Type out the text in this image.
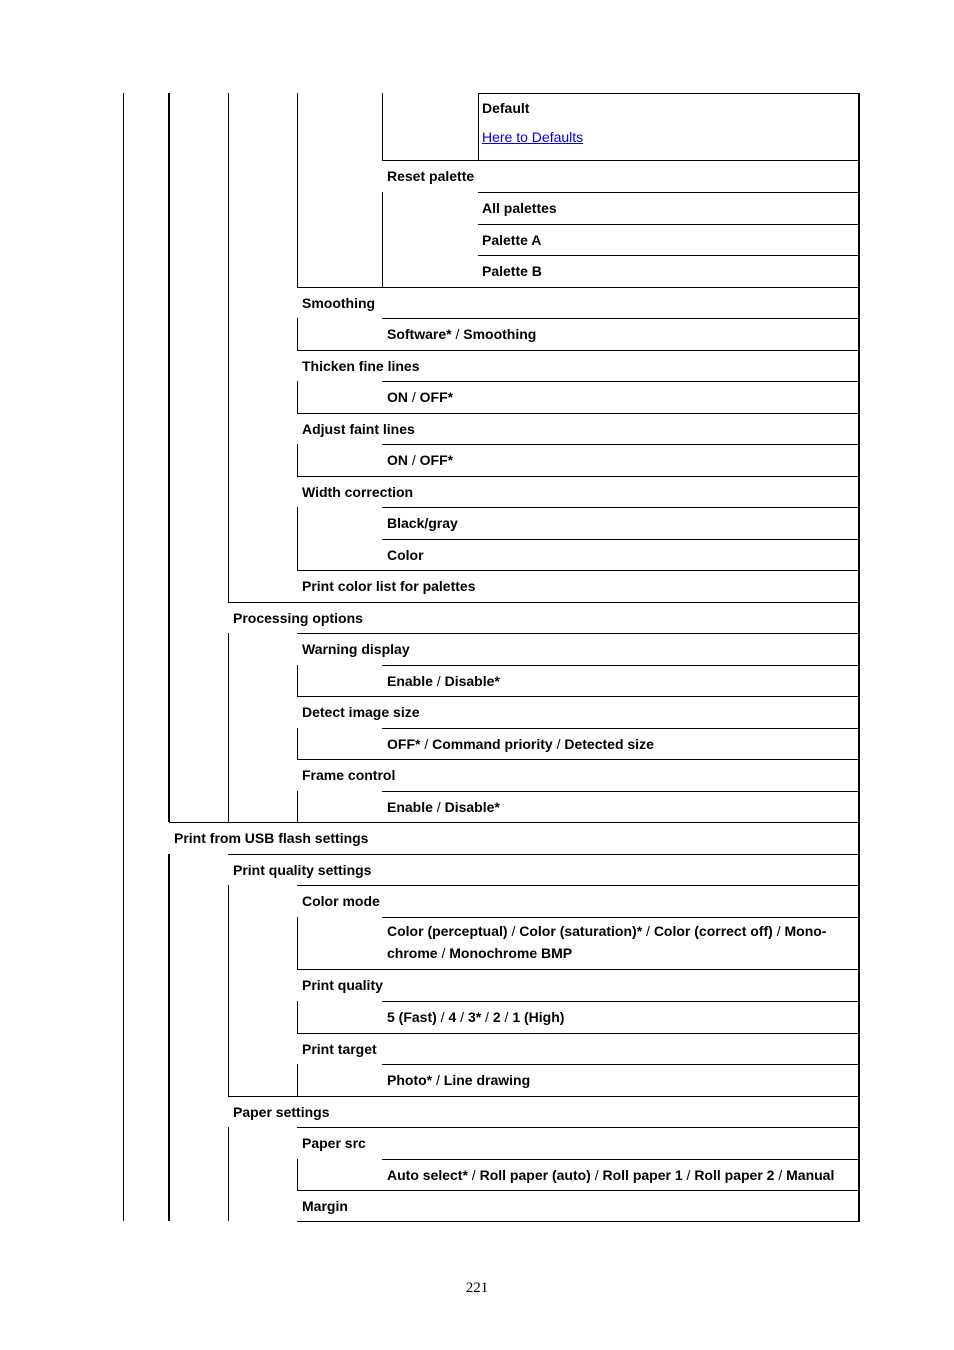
Default
Here to Defaults
Reset palette
All palettes
Palette A
Palette B
Smoothing
Software* / Smoothing
Thicken fine lines
ON / OFF*
Adjust faint lines
ON / OFF*
Width correction
Black/gray
Color
Print color list for palettes
Processing options
Warning display
Enable / Disable*
Detect image size
OFF* / Command priority / Detected size
Frame control
Enable / Disable*
Print from USB flash settings
Print quality settings
Color mode
Color (perceptual) / Color (saturation)* / Color (correct off) / Mono-
chrome / Monochrome BMP
Print quality
5 (Fast) / 4 / 3* / 2 / 1 (High)
Print target
Photo* / Line drawing
Paper settings
Paper src
Auto select* / Roll paper (auto) / Roll paper 1 / Roll paper 2 / Manual
Margin
221
